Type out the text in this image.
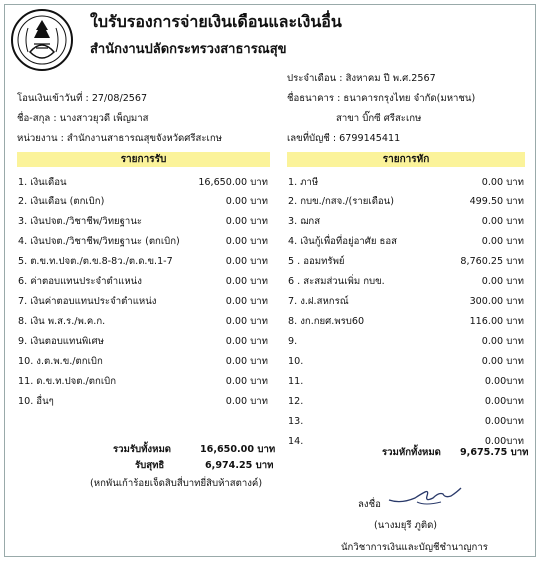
ใบรับรองการจ่ายเงินเดือนและเงินอื่น
สำนักงานปลัดกระทรวงสาธารณสุข
ประจำเดือน : สิงหาคม ปี พ.ศ.2567
ชื่อธนาคาร : ธนาคารกรุงไทย จำกัด(มหาชน)
สาขา บิ๊กซี ศรีสะเกษ
เลขที่บัญชี : 6799145411
โอนเงินเข้าวันที่ : 27/08/2567
ชื่อ-สกุล : นางสาวยุวดี เพ็ญมาส
หน่วยงาน : สำนักงานสาธารณสุขจังหวัดศรีสะเกษ
รายการรับ	รายการหัก
1. เงินเดือน	16,650.00 บาท
2. เงินเดือน (ตกเบิก)	0.00 บาท
3. เงินปจต./วิชาชีพ/วิทยฐานะ	0.00 บาท
4. เงินปจต./วิชาชีพ/วิทยฐานะ (ตกเบิก)	0.00 บาท
5. ต.ข.ท.ปจต./ต.ข.8-8ว./ต.ด.ข.1-7	0.00 บาท
6. ค่าตอบแทนประจำตำแหน่ง	0.00 บาท
7. เงินค่าตอบแทนประจำตำแหน่ง	0.00 บาท
8. เงิน พ.ส.ร./พ.ค.ก.	0.00 บาท
9. เงินตอบแทนพิเศษ	0.00 บาท
10. ง.ต.พ.ข./ตกเบิก	0.00 บาท
11. ด.ข.ท.ปจต./ตกเบิก	0.00 บาท
10. อื่นๆ	0.00 บาท
1. ภาษี	0.00 บาท
2. กบข./กสจ./(รายเดือน)	499.50 บาท
3. ฌกส	0.00 บาท
4. เงินกู้เพื่อที่อยู่อาศัย ธอส	0.00 บาท
5 . ออมทรัพย์	8,760.25 บาท
6 . สะสมส่วนเพิ่ม กบข.	0.00 บาท
7. ง.ฝ.สหกรณ์	300.00 บาท
8. งก.กยศ.พรบ60	116.00 บาท
9.	0.00 บาท
10.	0.00 บาท
11.	0.00บาท
12.	0.00บาท
13.	0.00บาท
14.	0.00บาท
รวมรับทั้งหมด	16,650.00 บาท
รับสุทธิ	6,974.25 บาท
(หกพันเก้าร้อยเจ็ดสิบสี่บาทยี่สิบห้าสตางค์)
รวมหักทั้งหมด 9,675.75 บาท
ลงชื่อ
(นางมยุรี ภูติด)
นักวิชาการเงินและบัญชีชำนาญการ
